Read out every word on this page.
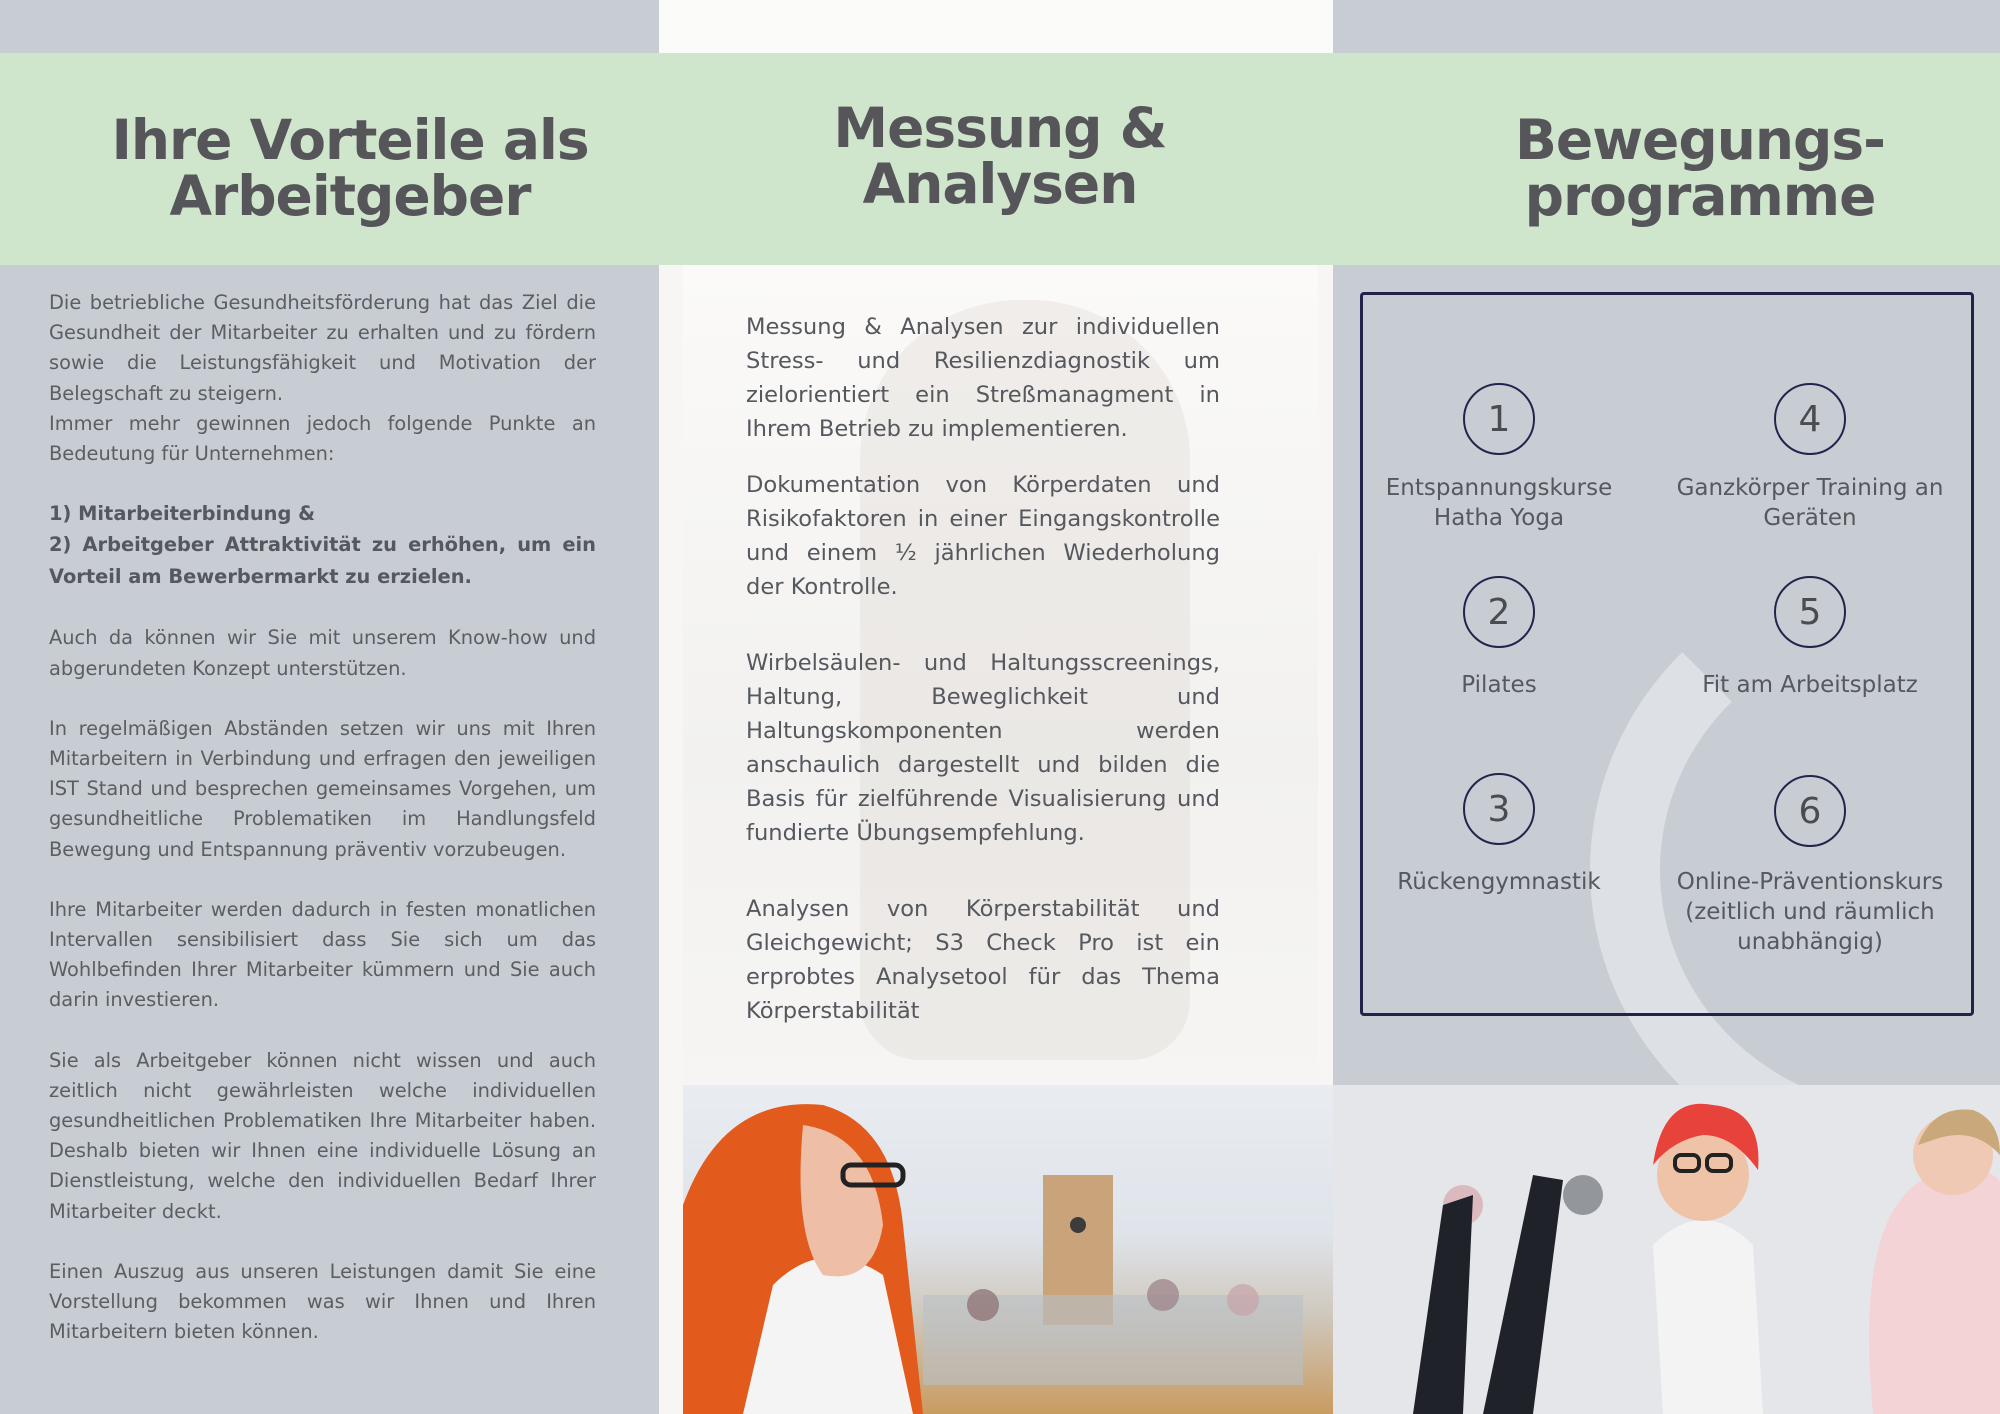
Ihre Vorteile als Arbeitgeber
Messung & Analysen
Bewegungs- programme

Die betriebliche Gesundheitsförderung hat das Ziel die Gesundheit der Mitarbeiter zu erhalten und zu fördern sowie die Leistungsfähigkeit und Motivation der Belegschaft zu steigern.

Immer mehr gewinnen jedoch folgende Punkte an Bedeutung für Unternehmen:

1) Mitarbeiterbindung &

2) Arbeitgeber Attraktivität zu erhöhen, um ein Vorteil am Bewerbermarkt zu erzielen.

Auch da können wir Sie mit unserem Know-how und abgerundeten Konzept unterstützen.

In regelmäßigen Abständen setzen wir uns mit Ihren Mitarbeitern in Verbindung und erfragen den jeweiligen IST Stand und besprechen gemeinsames Vorgehen, um gesundheitliche Problematiken im Handlungsfeld Bewegung und Entspannung präventiv vorzubeugen.

Ihre Mitarbeiter werden dadurch in festen monatlichen Intervallen sensibilisiert dass Sie sich um das Wohlbefinden Ihrer Mitarbeiter kümmern und Sie auch darin investieren.

Sie als Arbeitgeber können nicht wissen und auch zeitlich nicht gewährleisten welche individuellen gesundheitlichen Problematiken Ihre Mitarbeiter haben. Deshalb bieten wir Ihnen eine individuelle Lösung an Dienstleistung, welche den individuellen Bedarf Ihrer Mitarbeiter deckt.

Einen Auszug aus unseren Leistungen damit Sie eine Vorstellung bekommen was wir Ihnen und Ihren Mitarbeitern bieten können.

Messung & Analysen zur individuellen Stress- und Resilienzdiagnostik um zielorientiert ein Streßmanagment in Ihrem Betrieb zu implementieren.

Dokumentation von Körperdaten und Risikofaktoren in einer Eingangskontrolle und einem ½ jährlichen Wiederholung der Kontrolle.

Wirbelsäulen- und Haltungsscreenings, Haltung, Beweglichkeit und Haltungskomponenten werden anschaulich dargestellt und bilden die Basis für zielführende Visualisierung und fundierte Übungsempfehlung.

Analysen von Körperstabilität und Gleichgewicht; S3 Check Pro ist ein erprobtes Analysetool für das Thema Körperstabilität

1
Entspannungskurse Hatha Yoga
2
Pilates
3
Rückengymnastik
4
Ganzkörper Training an Geräten
5
Fit am Arbeitsplatz
6
Online-Präventionskurs (zeitlich und räumlich unabhängig)
